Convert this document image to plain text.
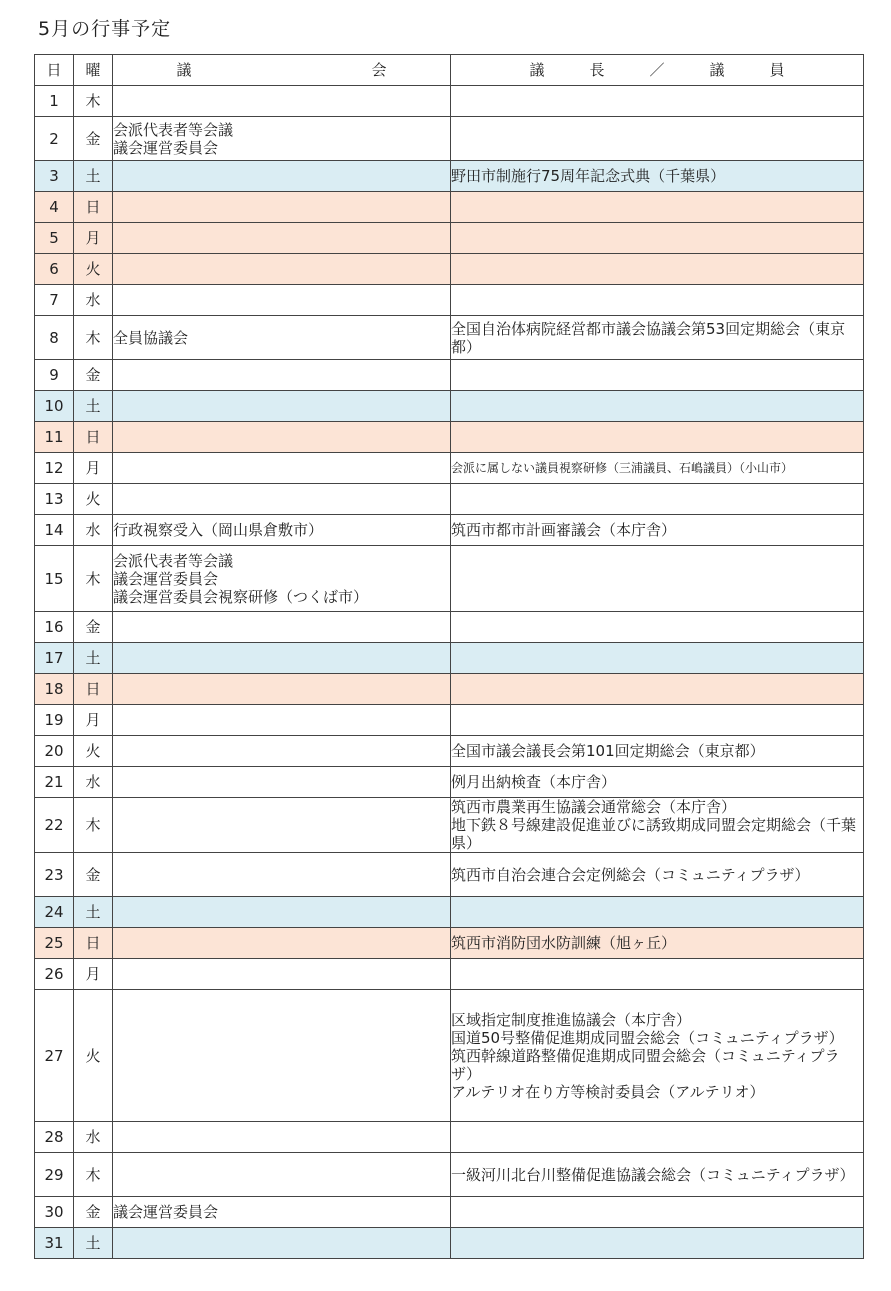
5月の行事予定
日	曜	議　　　　　　　　　　　　会	議　　　長　　　／　　　議　　　員
1	木		
2	金	会派代表者等会議
議会運営委員会	
3	土		野田市制施行75周年記念式典（千葉県）
4	日		
5	月		
6	火		
7	水		
8	木	全員協議会	全国自治体病院経営都市議会協議会第53回定期総会（東京都）
9	金		
10	土		
11	日		
12	月		会派に属しない議員視察研修（三浦議員、石嶋議員）（小山市）
13	火		
14	水	行政視察受入（岡山県倉敷市）	筑西市都市計画審議会（本庁舎）
15	木	会派代表者等会議
議会運営委員会
議会運営委員会視察研修（つくば市）	
16	金		
17	土		
18	日		
19	月		
20	火		全国市議会議長会第101回定期総会（東京都）
21	水		例月出納検査（本庁舎）
22	木		筑西市農業再生協議会通常総会（本庁舎）
地下鉄８号線建設促進並びに誘致期成同盟会定期総会（千葉県）
23	金		筑西市自治会連合会定例総会（コミュニティプラザ）
24	土		
25	日		筑西市消防団水防訓練（旭ヶ丘）
26	月		
27	火		区域指定制度推進協議会（本庁舎）
国道50号整備促進期成同盟会総会（コミュニティプラザ）
筑西幹線道路整備促進期成同盟会総会（コミュニティプラザ）
アルテリオ在り方等検討委員会（アルテリオ）
28	水		
29	木		一級河川北台川整備促進協議会総会（コミュニティプラザ）
30	金	議会運営委員会	
31	土		
